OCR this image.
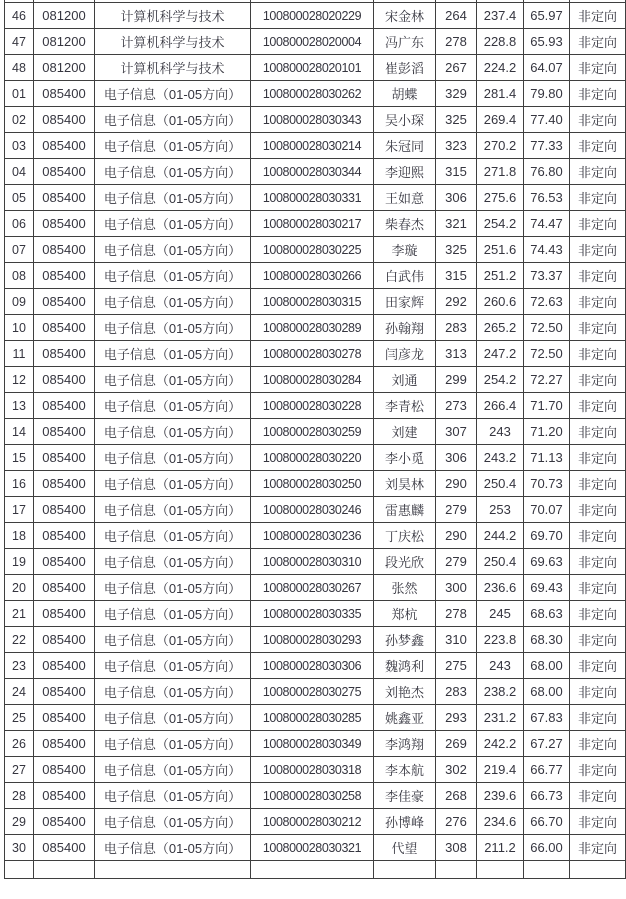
46	081200	计算机科学与技术	100800028020229	宋金林	264	237.4	65.97	非定向
47	081200	计算机科学与技术	100800028020004	冯广东	278	228.8	65.93	非定向
48	081200	计算机科学与技术	100800028020101	崔彭滔	267	224.2	64.07	非定向
01	085400	电子信息（01-05方向）	100800028030262	胡蝶	329	281.4	79.80	非定向
02	085400	电子信息（01-05方向）	100800028030343	吴小琛	325	269.4	77.40	非定向
03	085400	电子信息（01-05方向）	100800028030214	朱冠同	323	270.2	77.33	非定向
04	085400	电子信息（01-05方向）	100800028030344	李迎熙	315	271.8	76.80	非定向
05	085400	电子信息（01-05方向）	100800028030331	王如意	306	275.6	76.53	非定向
06	085400	电子信息（01-05方向）	100800028030217	柴春杰	321	254.2	74.47	非定向
07	085400	电子信息（01-05方向）	100800028030225	李璇	325	251.6	74.43	非定向
08	085400	电子信息（01-05方向）	100800028030266	白武伟	315	251.2	73.37	非定向
09	085400	电子信息（01-05方向）	100800028030315	田家辉	292	260.6	72.63	非定向
10	085400	电子信息（01-05方向）	100800028030289	孙翰翔	283	265.2	72.50	非定向
11	085400	电子信息（01-05方向）	100800028030278	闫彦龙	313	247.2	72.50	非定向
12	085400	电子信息（01-05方向）	100800028030284	刘通	299	254.2	72.27	非定向
13	085400	电子信息（01-05方向）	100800028030228	李青松	273	266.4	71.70	非定向
14	085400	电子信息（01-05方向）	100800028030259	刘建	307	243	71.20	非定向
15	085400	电子信息（01-05方向）	100800028030220	李小觅	306	243.2	71.13	非定向
16	085400	电子信息（01-05方向）	100800028030250	刘昊林	290	250.4	70.73	非定向
17	085400	电子信息（01-05方向）	100800028030246	雷惠麟	279	253	70.07	非定向
18	085400	电子信息（01-05方向）	100800028030236	丁庆松	290	244.2	69.70	非定向
19	085400	电子信息（01-05方向）	100800028030310	段光欣	279	250.4	69.63	非定向
20	085400	电子信息（01-05方向）	100800028030267	张然	300	236.6	69.43	非定向
21	085400	电子信息（01-05方向）	100800028030335	郑杭	278	245	68.63	非定向
22	085400	电子信息（01-05方向）	100800028030293	孙梦鑫	310	223.8	68.30	非定向
23	085400	电子信息（01-05方向）	100800028030306	魏鸿利	275	243	68.00	非定向
24	085400	电子信息（01-05方向）	100800028030275	刘艳杰	283	238.2	68.00	非定向
25	085400	电子信息（01-05方向）	100800028030285	姚鑫亚	293	231.2	67.83	非定向
26	085400	电子信息（01-05方向）	100800028030349	李鸿翔	269	242.2	67.27	非定向
27	085400	电子信息（01-05方向）	100800028030318	李本航	302	219.4	66.77	非定向
28	085400	电子信息（01-05方向）	100800028030258	李佳豪	268	239.6	66.73	非定向
29	085400	电子信息（01-05方向）	100800028030212	孙博峰	276	234.6	66.70	非定向
30	085400	电子信息（01-05方向）	100800028030321	代望	308	211.2	66.00	非定向
